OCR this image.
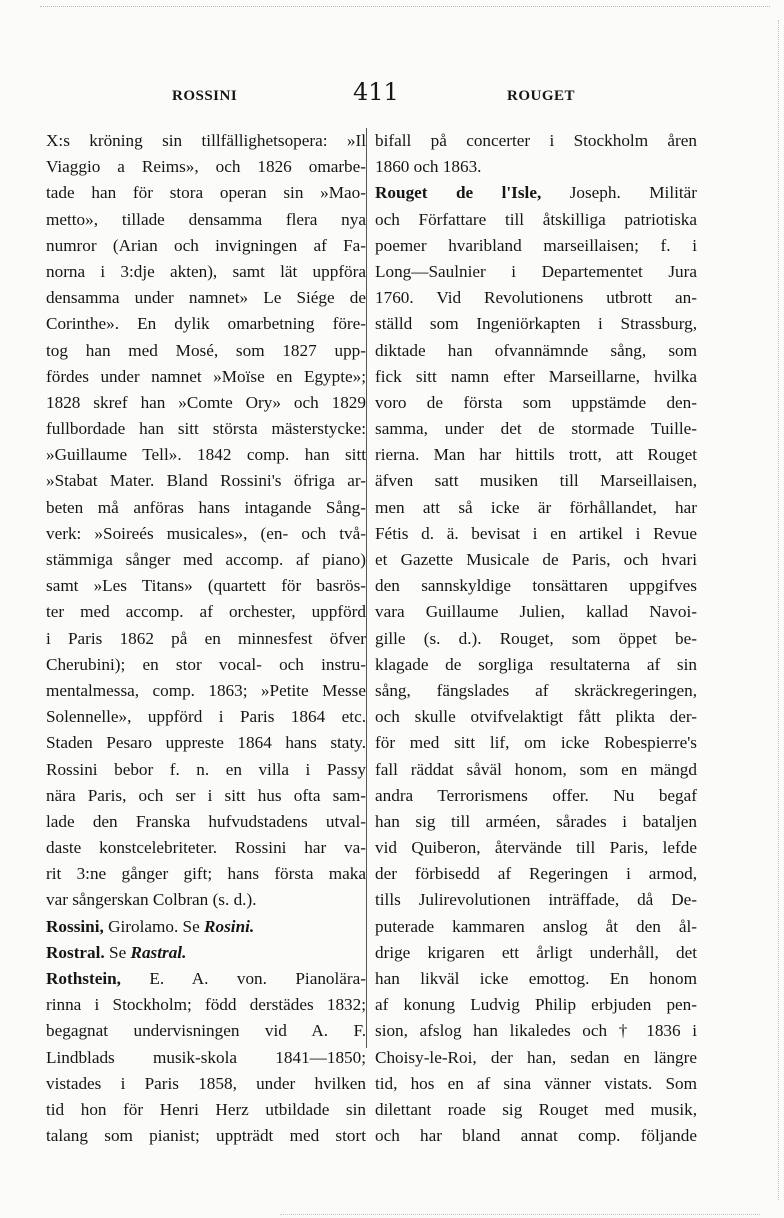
ROSSINI	411	ROUGET

X:s kröning sin tillfällighetsopera: »Il

Viaggio a Reims», och 1826 omarbe-

tade han för stora operan sin »Mao-

metto», tillade densamma flera nya

numror (Arian och invigningen af Fa-

norna i 3:dje akten), samt lät uppföra

densamma under namnet» Le Siége de

Corinthe». En dylik omarbetning före-

tog han med Mosé, som 1827 upp-

fördes under namnet »Moïse en Egypte»;

1828 skref han »Comte Ory» och 1829

fullbordade han sitt största mästerstycke:

»Guillaume Tell». 1842 comp. han sitt

»Stabat Mater. Bland Rossini's öfriga ar-

beten må anföras hans intagande Sång-

verk: »Soireés musicales», (en- och två-

stämmiga sånger med accomp. af piano)

samt »Les Titans» (quartett för basrös-

ter med accomp. af orchester, uppförd

i Paris 1862 på en minnesfest öfver

Cherubini); en stor vocal- och instru-

mentalmessa, comp. 1863; »Petite Messe

Solennelle», uppförd i Paris 1864 etc.

Staden Pesaro uppreste 1864 hans staty.

Rossini bebor f. n. en villa i Passy

nära Paris, och ser i sitt hus ofta sam-

lade den Franska hufvudstadens utval-

daste konstcelebriteter. Rossini har va-

rit 3:ne gånger gift; hans första maka

var sångerskan Colbran (s. d.).

Rossini, Girolamo. Se Rosini.

Rostral. Se Rastral.

Rothstein, E. A. von. Pianolära-

rinna i Stockholm; född derstädes 1832;

begagnat undervisningen vid A. F.

Lindblads musik-skola 1841—1850;

vistades i Paris 1858, under hvilken

tid hon för Henri Herz utbildade sin

talang som pianist; uppträdt med stort

bifall på concerter i Stockholm åren

1860 och 1863.

Rouget de l'Isle, Joseph. Militär

och Författare till åtskilliga patriotiska

poemer hvaribland marseillaisen; f. i

Long—Saulnier i Departementet Jura

1760. Vid Revolutionens utbrott an-

ställd som Ingeniörkapten i Strassburg,

diktade han ofvannämnde sång, som

fick sitt namn efter Marseillarne, hvilka

voro de första som uppstämde den-

samma, under det de stormade Tuille-

rierna. Man har hittils trott, att Rouget

äfven satt musiken till Marseillaisen,

men att så icke är förhållandet, har

Fétis d. ä. bevisat i en artikel i Revue

et Gazette Musicale de Paris, och hvari

den sannskyldige tonsättaren uppgifves

vara Guillaume Julien, kallad Navoi-

gille (s. d.). Rouget, som öppet be-

klagade de sorgliga resultaterna af sin

sång, fängslades af skräckregeringen,

och skulle otvifvelaktigt fått plikta der-

för med sitt lif, om icke Robespierre's

fall räddat såväl honom, som en mängd

andra Terrorismens offer. Nu begaf

han sig till arméen, sårades i bataljen

vid Quiberon, återvände till Paris, lefde

der förbisedd af Regeringen i armod,

tills Julirevolutionen inträffade, då De-

puterade kammaren anslog åt den ål-

drige krigaren ett årligt underhåll, det

han likväl icke emottog. En honom

af konung Ludvig Philip erbjuden pen-

sion, afslog han likaledes och † 1836 i

Choisy-le-Roi, der han, sedan en längre

tid, hos en af sina vänner vistats. Som

dilettant roade sig Rouget med musik,

och har bland annat comp. följande
